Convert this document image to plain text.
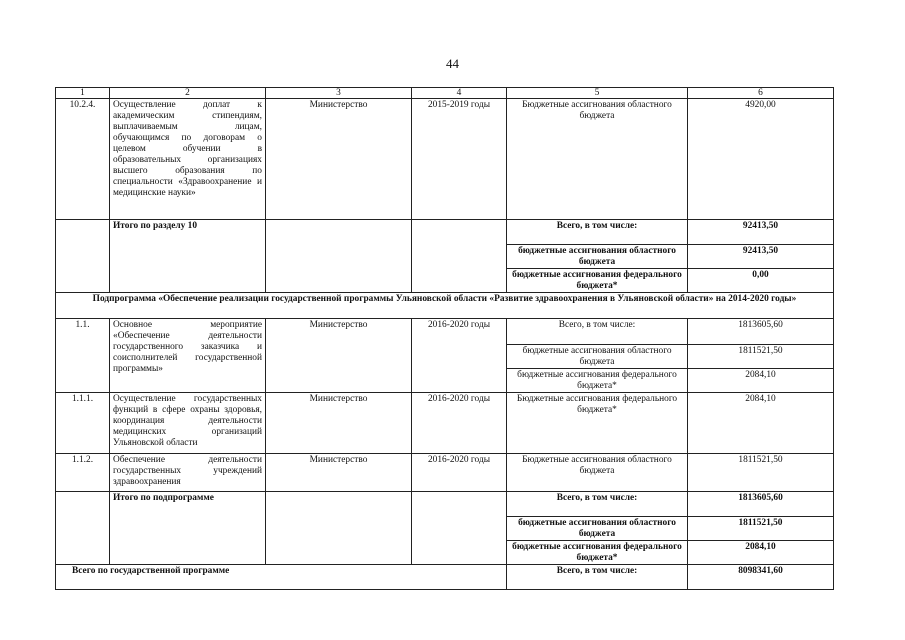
44
1	2	3	4	5	6
10.2.4.	Осуществление доплат к академическим стипендиям, выплачиваемым лицам, обучающимся по договорам о целевом обучении в образовательных организациях высшего образования по специальности «Здравоохранение и медицинские науки»	Министерство	2015-2019 годы	Бюджетные ассигнования областного бюджета	4920,00
	Итого по разделу 10			Всего, в том числе:	92413,50
				бюджетные ассигнования областного бюджета	92413,50
				бюджетные ассигнования федерального бюджета*	0,00
Подпрограмма «Обеспечение реализации государственной программы Ульяновской области «Развитие здравоохранения в Ульяновской области» на 2014-2020 годы»					
1.1.	Основное мероприятие «Обеспечение деятельности государственного заказчика и соисполнителей государственной программы»	Министерство	2016-2020 годы	Всего, в том числе:	1813605,60
				бюджетные ассигнования областного бюджета	1811521,50
				бюджетные ассигнования федерального бюджета*	2084,10
1.1.1.	Осуществление государственных функций в сфере охраны здоровья, координация деятельности медицинских организаций Ульяновской области	Министерство	2016-2020 годы	Бюджетные ассигнования федерального бюджета*	2084,10
1.1.2.	Обеспечение деятельности государственных учреждений здравоохранения	Министерство	2016-2020 годы	Бюджетные ассигнования областного бюджета	1811521,50
	Итого по подпрограмме			Всего, в том числе:	1813605,60
				бюджетные ассигнования областного бюджета	1811521,50
				бюджетные ассигнования федерального бюджета*	2084,10
Всего по государственной программе				Всего, в том числе:	8098341,60
